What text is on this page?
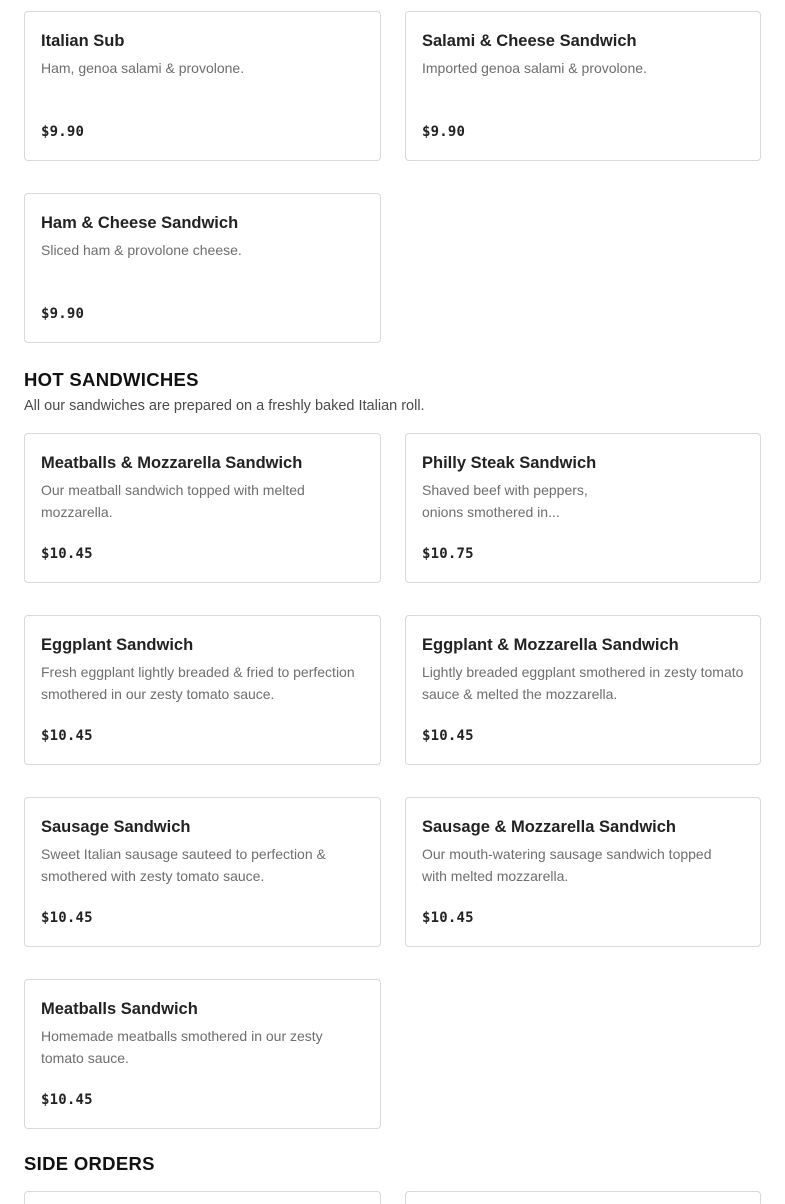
Italian Sub
Ham, genoa salami & provolone.
$9.90
Salami & Cheese Sandwich
Imported genoa salami & provolone.
$9.90
Ham & Cheese Sandwich
Sliced ham & provolone cheese.
$9.90
HOT SANDWICHES
All our sandwiches are prepared on a freshly baked Italian roll.
Meatballs & Mozzarella Sandwich
Our meatball sandwich topped with melted mozzarella.
$10.45
Philly Steak Sandwich
Shaved beef with peppers, onions smothered in...
$10.75
Eggplant Sandwich
Fresh eggplant lightly breaded & fried to perfection smothered in our zesty tomato sauce.
$10.45
Eggplant & Mozzarella Sandwich
Lightly breaded eggplant smothered in zesty tomato sauce & melted the mozzarella.
$10.45
Sausage Sandwich
Sweet Italian sausage sauteed to perfection & smothered with zesty tomato sauce.
$10.45
Sausage & Mozzarella Sandwich
Our mouth-watering sausage sandwich topped with melted mozzarella.
$10.45
Meatballs Sandwich
Homemade meatballs smothered in our zesty tomato sauce.
$10.45
SIDE ORDERS
